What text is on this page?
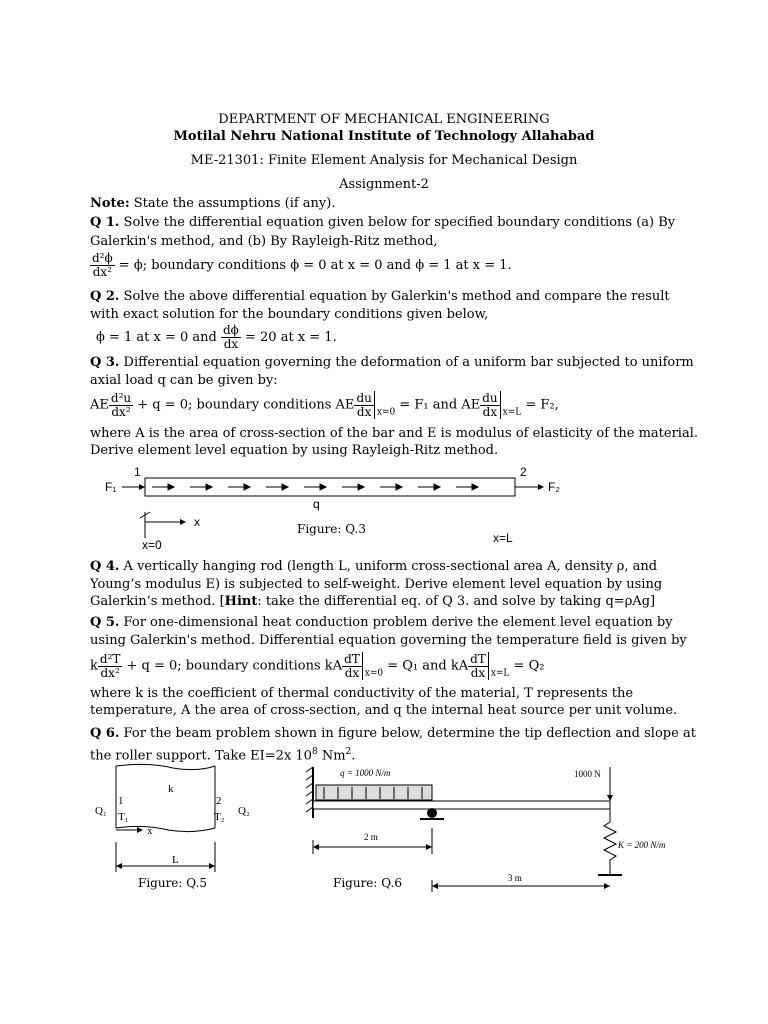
DEPARTMENT OF MECHANICAL ENGINEERING
Motilal Nehru National Institute of Technology Allahabad
ME-21301: Finite Element Analysis for Mechanical Design
Assignment-2
Note: State the assumptions (if any).
Q 1. Solve the differential equation given below for specified boundary conditions (a) By
Galerkin's method, and (b) By Rayleigh-Ritz method,
$\frac{\text{d²ϕ}}{\text{dx²}} = \phi$; boundary conditions ϕ = 0 at x = 0 and ϕ = 1 at x = 1.
Q 2. Solve the above differential equation by Galerkin's method and compare the result
with exact solution for the boundary conditions given below,
ϕ = 1 at x = 0 and $\frac{d\phi}{dx} = 20$ at x = 1.
Q 3. Differential equation governing the deformation of a uniform bar subjected to uniform
axial load q can be given by:
AE $\frac{\text{d²u}}{\text{dx²}} + q = 0$; boundary conditions AE $\frac{du}{dx} _{x=0} = F_1$ and AE $\frac{du}{dx} _{x=L} = F_2$,
where A is the area of cross-section of the bar and E is modulus of elasticity of the material.
Derive element level equation by using Rayleigh-Ritz method.
1	2
F₁	F₂
q
x
x=0	x=L
Figure: Q.3
Q 4. A vertically hanging rod (length L, uniform cross-sectional area A, density ρ, and
Young’s modulus E) is subjected to self-weight. Derive element level equation by using
Galerkin’s method. [Hint: take the differential eq. of Q 3. and solve by taking q=ρAg]
Q 5. For one-dimensional heat conduction problem derive the element level equation by
using Galerkin's method. Differential equation governing the temperature field is given by
k $\frac{\text{d²T}}{\text{dx²}} + q = 0$; boundary conditions kA $\frac{dT}{dx} _{x=0} = Q_1$ and kA $\frac{dT}{dx} _{x=L} = Q_2$
where k is the coefficient of thermal conductivity of the material, T represents the
temperature, A the area of cross-section, and q the internal heat source per unit volume.
Q 6. For the beam problem shown in figure below, determine the tip deflection and slope at
the roller support. Take EI=2x $10^8$ Nm$^2$.
k
1	2
Q₁	Q₂
T₁	T₂
x
L
Figure: Q.5
q = 1000 N/m	1000 N
K = 200 N/m
2 m
3 m
Figure: Q.6
